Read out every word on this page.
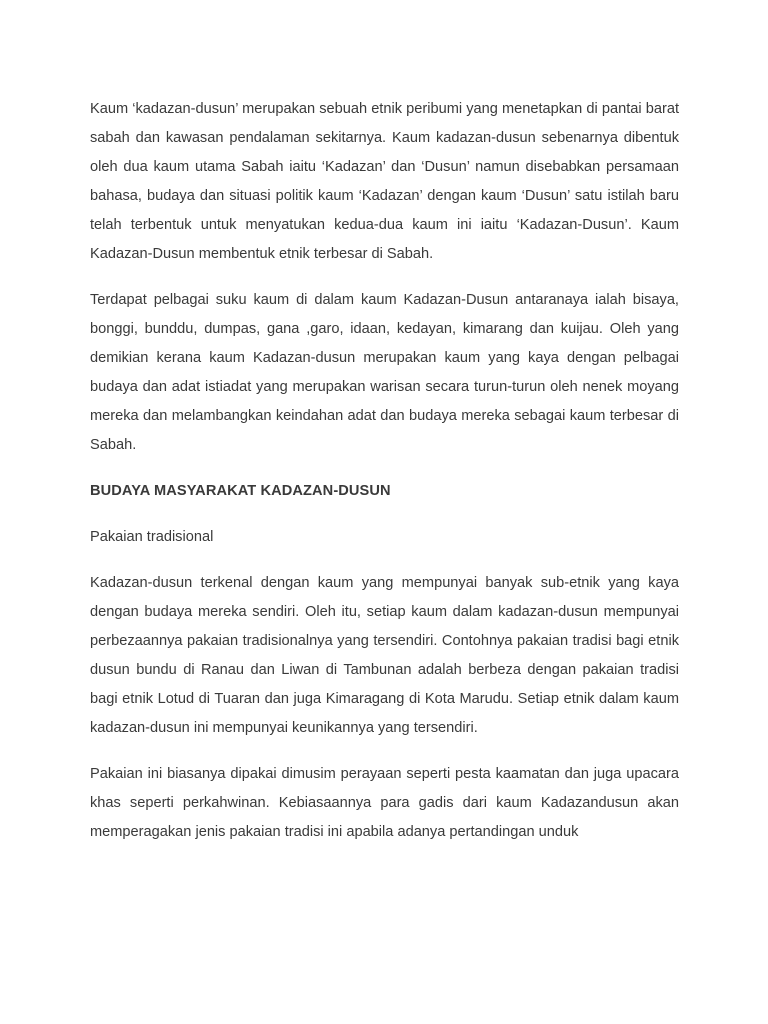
Kaum ‘kadazan-dusun’ merupakan sebuah etnik peribumi yang menetapkan di pantai barat sabah dan kawasan pendalaman sekitarnya. Kaum kadazan-dusun sebenarnya dibentuk oleh dua kaum utama Sabah iaitu ‘Kadazan’ dan ‘Dusun’ namun disebabkan persamaan bahasa, budaya dan situasi politik kaum ‘Kadazan’ dengan kaum ‘Dusun’ satu istilah baru telah terbentuk untuk menyatukan kedua-dua kaum ini iaitu ‘Kadazan-Dusun’. Kaum Kadazan-Dusun membentuk etnik terbesar di Sabah.

Terdapat pelbagai suku kaum di dalam kaum Kadazan-Dusun antaranaya ialah bisaya, bonggi, bunddu, dumpas, gana ,garo, idaan, kedayan, kimarang dan kuijau. Oleh yang demikian kerana kaum Kadazan-dusun merupakan kaum yang kaya dengan pelbagai budaya dan adat istiadat yang merupakan warisan secara turun-turun oleh nenek moyang mereka dan melambangkan keindahan adat dan budaya mereka sebagai kaum terbesar di Sabah.

BUDAYA MASYARAKAT KADAZAN-DUSUN

Pakaian tradisional

Kadazan-dusun terkenal dengan kaum yang mempunyai banyak sub-etnik yang kaya dengan budaya mereka sendiri. Oleh itu, setiap kaum dalam kadazan-dusun mempunyai perbezaannya pakaian tradisionalnya yang tersendiri. Contohnya pakaian tradisi bagi etnik dusun bundu di Ranau dan Liwan di Tambunan adalah berbeza dengan pakaian tradisi bagi etnik Lotud di Tuaran dan juga Kimaragang di Kota Marudu. Setiap etnik dalam kaum kadazan-dusun ini mempunyai keunikannya yang tersendiri.

Pakaian ini biasanya dipakai dimusim perayaan seperti pesta kaamatan dan juga upacara khas seperti perkahwinan. Kebiasaannya para gadis dari kaum Kadazandusun akan memperagakan jenis pakaian tradisi ini apabila adanya pertandingan unduk
